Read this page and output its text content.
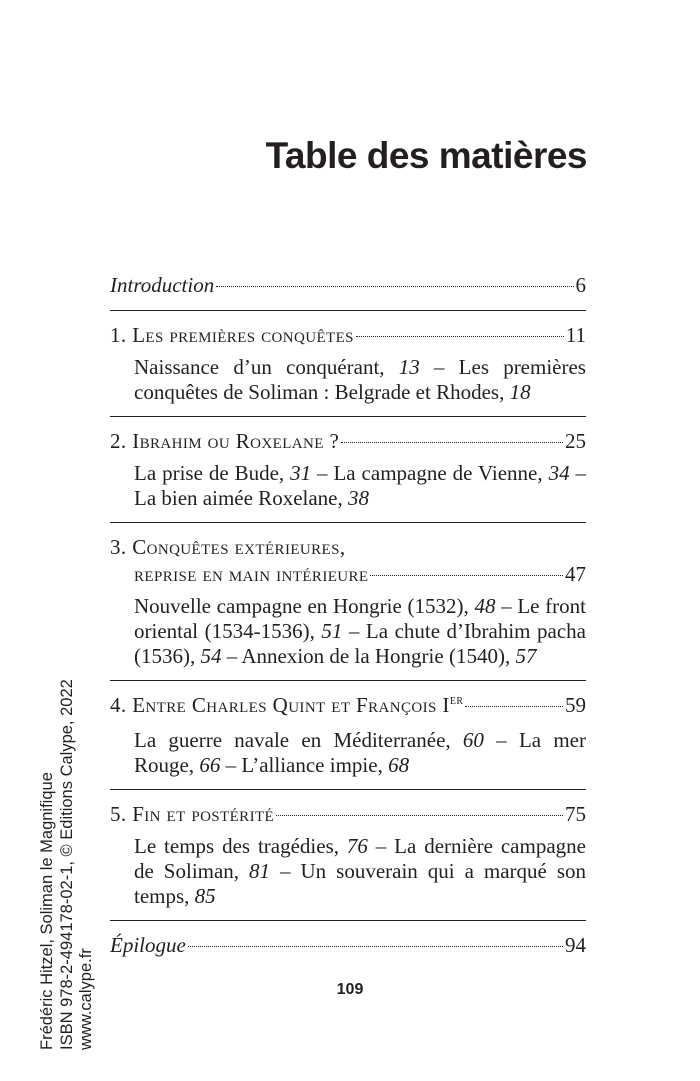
Table des matières
Introduction	6
1. Les premières conquêtes	11

Naissance d’un conquérant, 13 – Les premières conquêtes de Soliman : Belgrade et Rhodes, 18

2. Ibrahim ou Roxelane ?	25

La prise de Bude, 31 – La campagne de Vienne, 34 – La bien aimée Roxelane, 38

3. Conquêtes extérieures,
reprise en main intérieure	47

Nouvelle campagne en Hongrie (1532), 48 – Le front oriental (1534-1536), 51 – La chute d’Ibrahim pacha (1536), 54 – Annexion de la Hongrie (1540), 57

4. Entre Charles Quint et François Ier	59

La guerre navale en Méditerranée, 60 – La mer Rouge, 66 – L’alliance impie, 68

5. Fin et postérité	75

Le temps des tragédies, 76 – La dernière campagne de Soliman, 81 – Un souverain qui a marqué son temps, 85

Épilogue	94
109
Frédéric Hitzel, Soliman le Magnifique ISBN 978-2-494178-02-1, © Editions Calype, 2022 www.calype.fr
